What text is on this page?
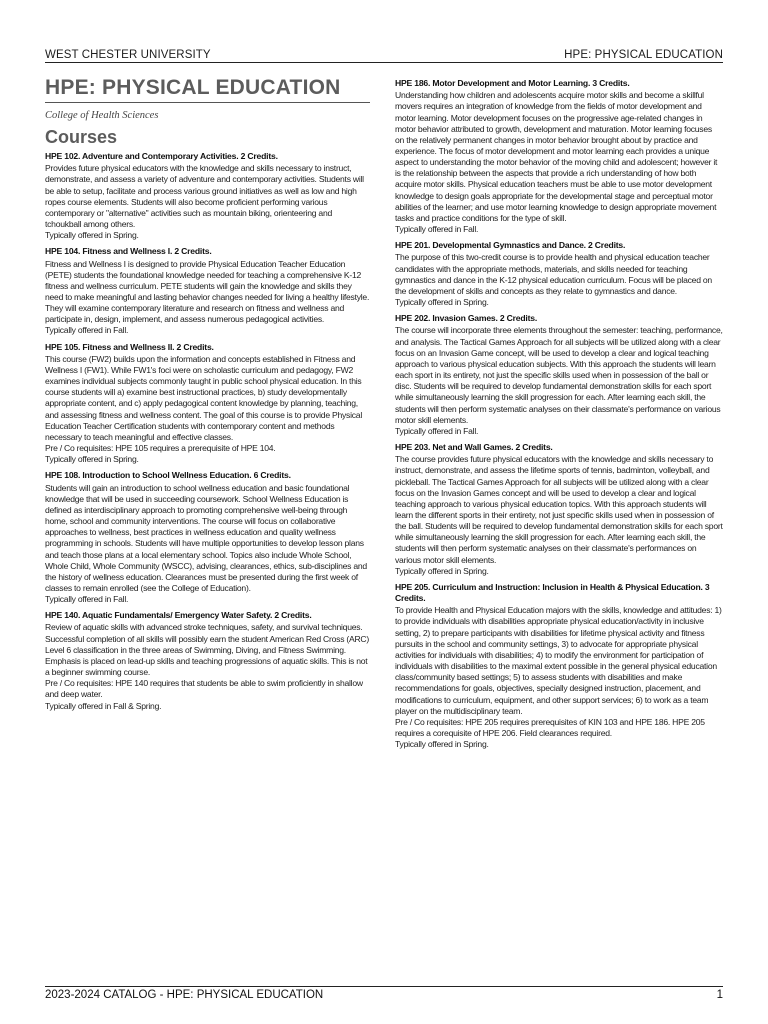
WEST CHESTER UNIVERSITY	HPE: PHYSICAL EDUCATION
HPE: PHYSICAL EDUCATION
College of Health Sciences
Courses
HPE 102. Adventure and Contemporary Activities. 2 Credits.
Provides future physical educators with the knowledge and skills necessary to instruct, demonstrate, and assess a variety of adventure and contemporary activities. Students will be able to setup, facilitate and process various ground initiatives as well as low and high ropes course elements. Students will also become proficient performing various contemporary or "alternative" activities such as mountain biking, orienteering and tchoukball among others.
Typically offered in Spring.
HPE 104. Fitness and Wellness I. 2 Credits.
Fitness and Wellness I is designed to provide Physical Education Teacher Education (PETE) students the foundational knowledge needed for teaching a comprehensive K-12 fitness and wellness curriculum. PETE students will gain the knowledge and skills they need to make meaningful and lasting behavior changes needed for living a healthy lifestyle. They will examine contemporary literature and research on fitness and wellness and participate in, design, implement, and assess numerous pedagogical activities.
Typically offered in Fall.
HPE 105. Fitness and Wellness II. 2 Credits.
This course (FW2) builds upon the information and concepts established in Fitness and Wellness I (FW1). While FW1's foci were on scholastic curriculum and pedagogy, FW2 examines individual subjects commonly taught in public school physical education. In this course students will a) examine best instructional practices, b) study developmentally appropriate content, and c) apply pedagogical content knowledge by planning, teaching, and assessing fitness and wellness content. The goal of this course is to provide Physical Education Teacher Certification students with contemporary content and methods necessary to teach meaningful and effective classes.
Pre / Co requisites: HPE 105 requires a prerequisite of HPE 104.
Typically offered in Spring.
HPE 108. Introduction to School Wellness Education. 6 Credits.
Students will gain an introduction to school wellness education and basic foundational knowledge that will be used in succeeding coursework. School Wellness Education is defined as interdisciplinary approach to promoting comprehensive well-being through home, school and community interventions. The course will focus on collaborative approaches to wellness, best practices in wellness education and quality wellness programming in schools. Students will have multiple opportunities to develop lesson plans and teach those plans at a local elementary school. Topics also include Whole School, Whole Child, Whole Community (WSCC), advising, clearances, ethics, sub-disciplines and the history of wellness education. Clearances must be presented during the first week of classes to remain enrolled (see the College of Education).
Typically offered in Fall.
HPE 140. Aquatic Fundamentals/ Emergency Water Safety. 2 Credits.
Review of aquatic skills with advanced stroke techniques, safety, and survival techniques. Successful completion of all skills will possibly earn the student American Red Cross (ARC) Level 6 classification in the three areas of Swimming, Diving, and Fitness Swimming. Emphasis is placed on lead-up skills and teaching progressions of aquatic skills. This is not a beginner swimming course.
Pre / Co requisites: HPE 140 requires that students be able to swim proficiently in shallow and deep water.
Typically offered in Fall & Spring.
HPE 186. Motor Development and Motor Learning. 3 Credits.
Understanding how children and adolescents acquire motor skills and become a skillful movers requires an integration of knowledge from the fields of motor development and motor learning. Motor development focuses on the progressive age-related changes in motor behavior attributed to growth, development and maturation. Motor learning focuses on the relatively permanent changes in motor behavior brought about by practice and experience. The focus of motor development and motor learning each provides a unique aspect to understanding the motor behavior of the moving child and adolescent; however it is the relationship between the aspects that provide a rich understanding of how both acquire motor skills. Physical education teachers must be able to use motor development knowledge to design goals appropriate for the developmental stage and perceptual motor abilities of the learner; and use motor learning knowledge to design appropriate movement tasks and practice conditions for the type of skill.
Typically offered in Fall.
HPE 201. Developmental Gymnastics and Dance. 2 Credits.
The purpose of this two-credit course is to provide health and physical education teacher candidates with the appropriate methods, materials, and skills needed for teaching gymnastics and dance in the K-12 physical education curriculum. Focus will be placed on the development of skills and concepts as they relate to gymnastics and dance.
Typically offered in Spring.
HPE 202. Invasion Games. 2 Credits.
The course will incorporate three elements throughout the semester: teaching, performance, and analysis. The Tactical Games Approach for all subjects will be utilized along with a clear focus on an Invasion Game concept, will be used to develop a clear and logical teaching approach to various physical education subjects. With this approach the students will learn each sport in its entirety, not just the specific skills used when in possession of the ball or disc. Students will be required to develop fundamental demonstration skills for each sport while simultaneously learning the skill progression for each. After learning each skill, the students will then perform systematic analyses on their classmate's performance on various motor skill elements.
Typically offered in Fall.
HPE 203. Net and Wall Games. 2 Credits.
The course provides future physical educators with the knowledge and skills necessary to instruct, demonstrate, and assess the lifetime sports of tennis, badminton, volleyball, and pickleball. The Tactical Games Approach for all subjects will be utilized along with a clear focus on the Invasion Games concept and will be used to develop a clear and logical teaching approach to various physical education topics. With this approach students will learn the different sports in their entirety, not just specific skills used when in possession of the ball. Students will be required to develop fundamental demonstration skills for each sport while simultaneously learning the skill progression for each. After learning each skill, the students will then perform systematic analyses on their classmate's performances on various motor skill elements.
Typically offered in Spring.
HPE 205. Curriculum and Instruction: Inclusion in Health & Physical Education. 3 Credits.
To provide Health and Physical Education majors with the skills, knowledge and attitudes: 1) to provide individuals with disabilities appropriate physical education/activity in inclusive setting, 2) to prepare participants with disabilities for lifetime physical activity and fitness pursuits in the school and community settings, 3) to advocate for appropriate physical activities for individuals with disabilities; 4) to modify the environment for participation of individuals with disabilities to the maximal extent possible in the general physical education class/community based settings; 5) to assess students with disabilities and make recommendations for goals, objectives, specially designed instruction, placement, and modifications to curriculum, equipment, and other support services; 6) to work as a team player on the multidisciplinary team.
Pre / Co requisites: HPE 205 requires prerequisites of KIN 103 and HPE 186. HPE 205 requires a corequisite of HPE 206. Field clearances required.
Typically offered in Spring.
2023-2024 CATALOG - HPE: PHYSICAL EDUCATION	1
